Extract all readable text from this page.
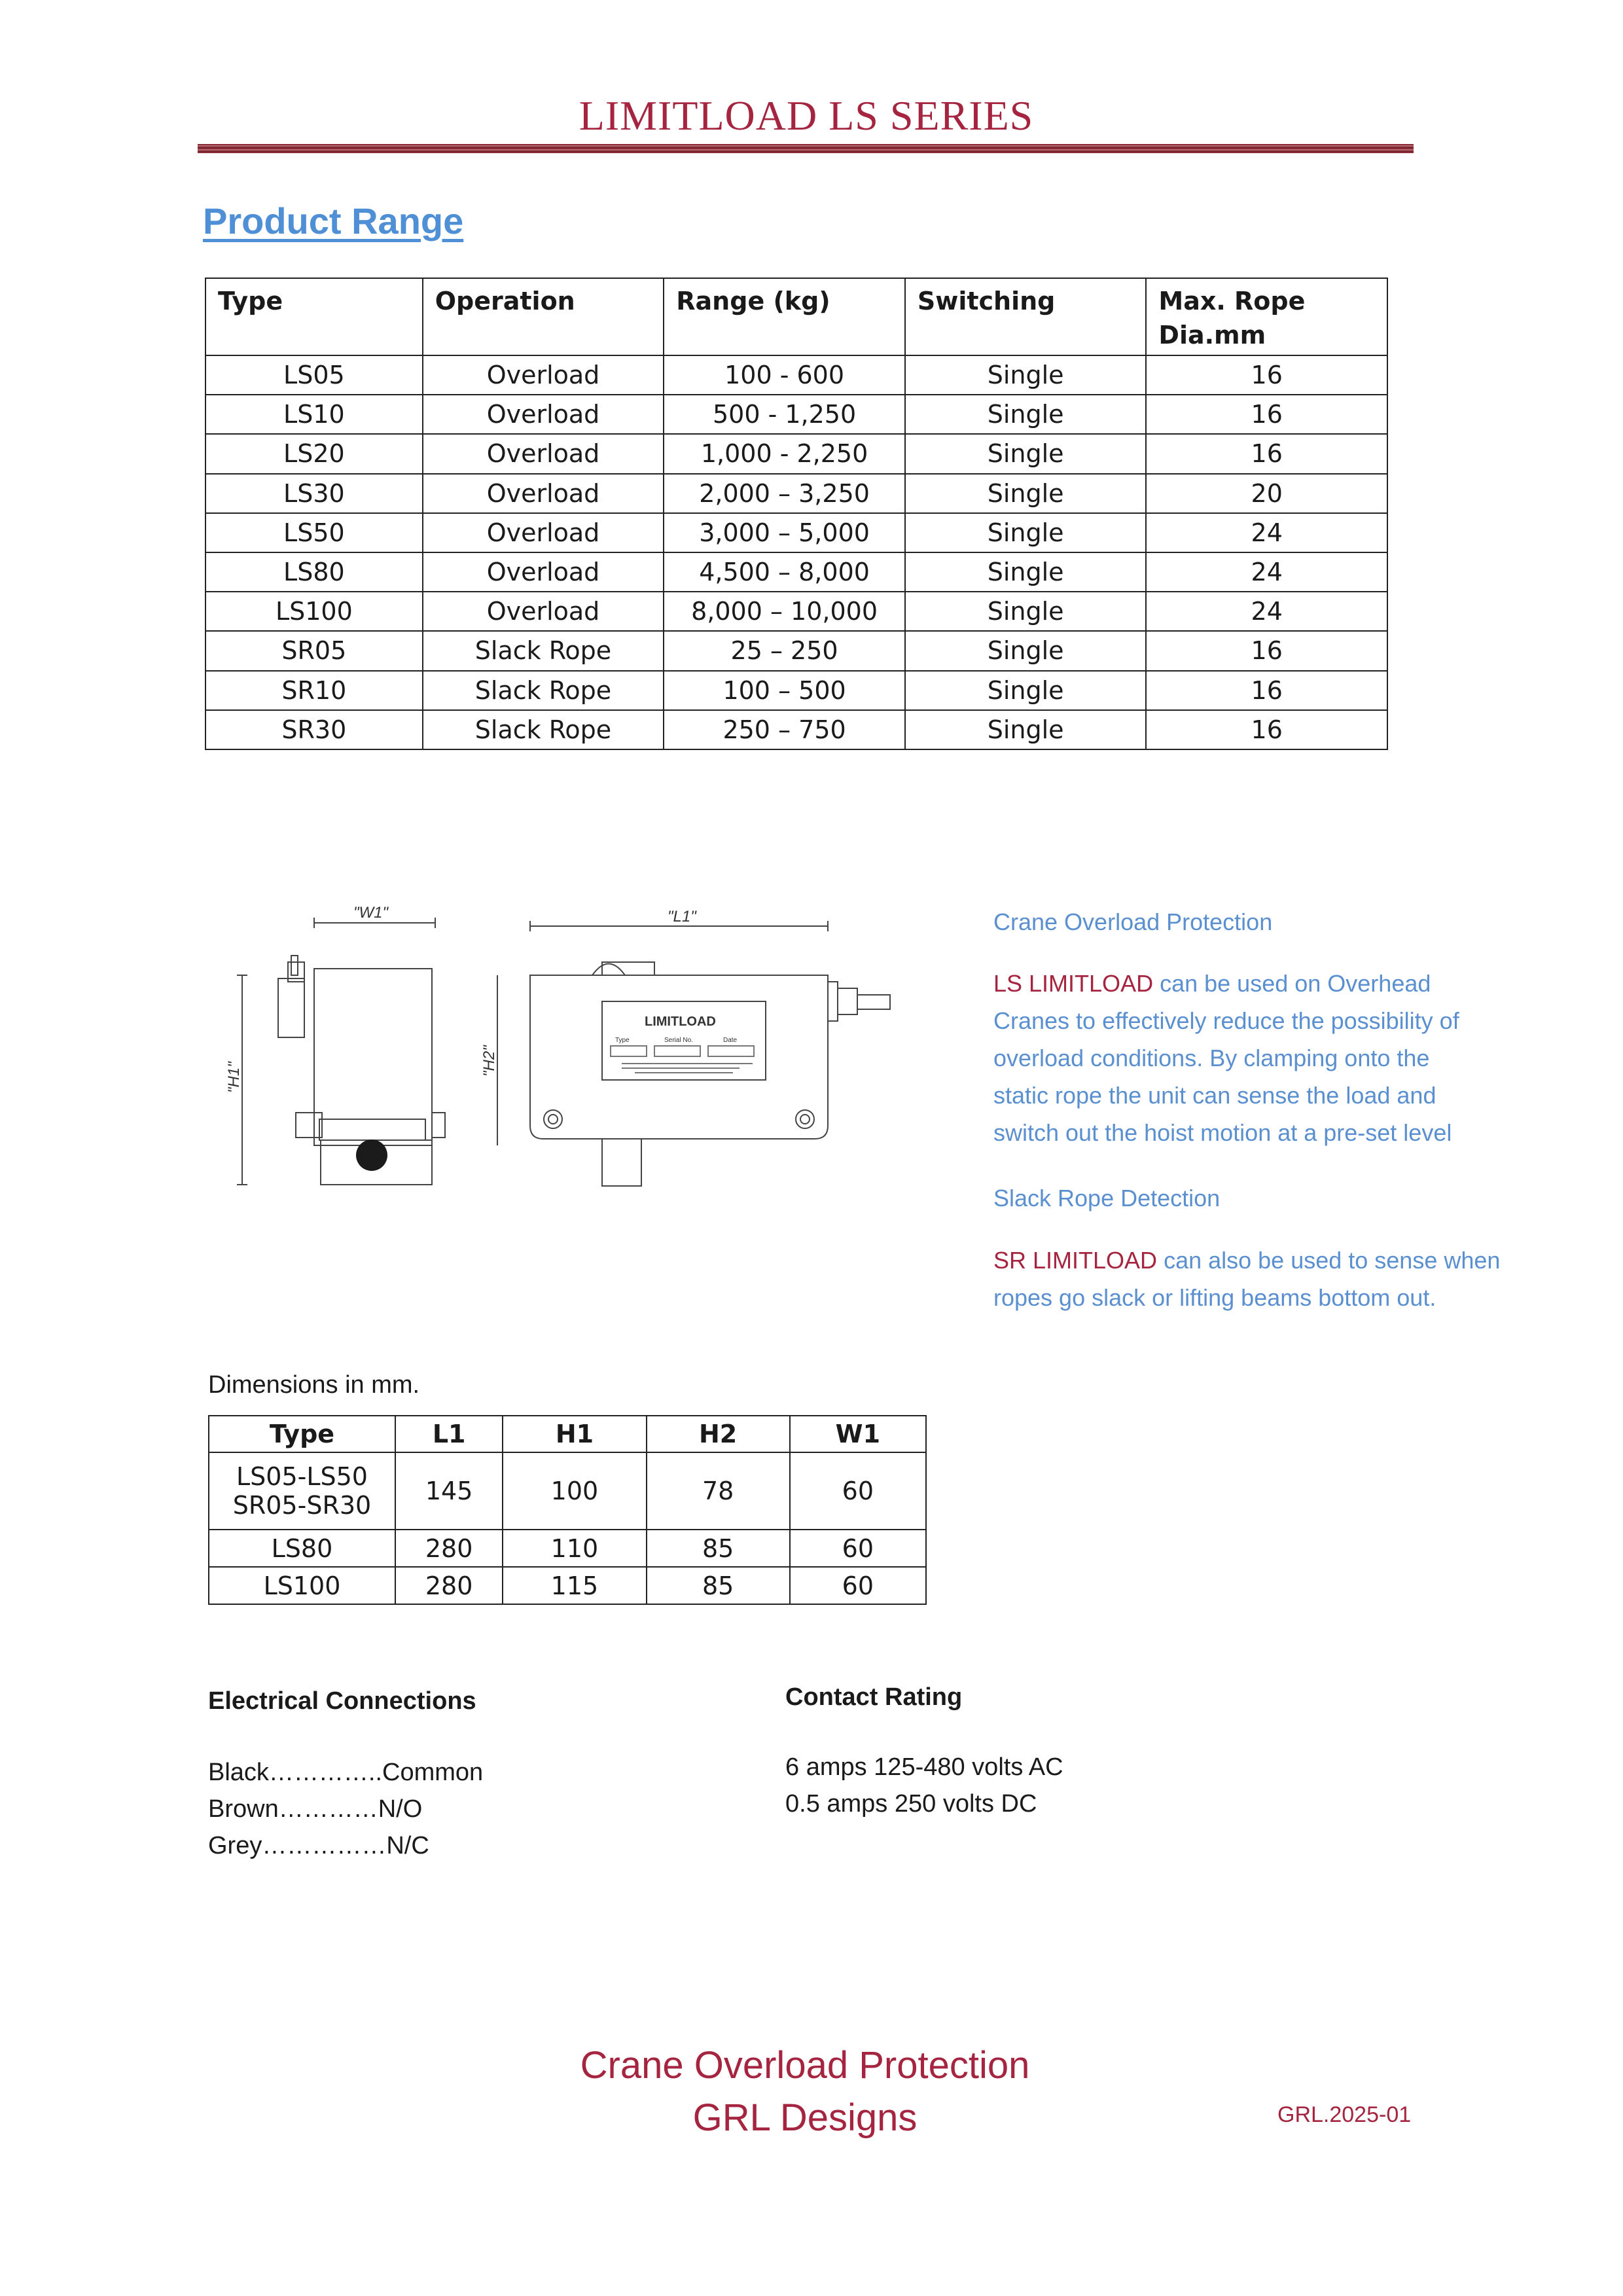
LIMITLOAD LS SERIES
Product Range
Type	Operation	Range (kg)	Switching	Max. Rope
Dia.mm

LS05	Overload	100 - 600	Single	16
LS10	Overload	500 - 1,250	Single	16
LS20	Overload	1,000 - 2,250	Single	16
LS30	Overload	2,000 – 3,250	Single	20
LS50	Overload	3,000 – 5,000	Single	24
LS80	Overload	4,500 – 8,000	Single	24
LS100	Overload	8,000 – 10,000	Single	24
SR05	Slack Rope	25 – 250	Single	16
SR10	Slack Rope	100 – 500	Single	16
SR30	Slack Rope	250 – 750	Single	16
"W1"	"L1"
"H1"
"H2"
LIMITLOAD
Type	Serial No.	Date
Crane Overload Protection
LS LIMITLOAD can be used on Overhead
Cranes to effectively reduce the possibility of
overload conditions. By clamping onto the
static rope the unit can sense the load and
switch out the hoist motion at a pre-set level
Slack Rope Detection
SR LIMITLOAD can also be used to sense when
ropes go slack or lifting beams bottom out.
Dimensions in mm.
Type	L1	H1	H2	W1

LS05-LS50
SR05-SR30	145	100	78	60
LS80	280	110	85	60
LS100	280	115	85	60
Electrical Connections
Black…………..Common
Brown…………N/O
Grey……………N/C
Contact Rating
6 amps 125-480 volts AC
0.5 amps 250 volts DC
Crane Overload Protection
GRL Designs	GRL.2025-01
